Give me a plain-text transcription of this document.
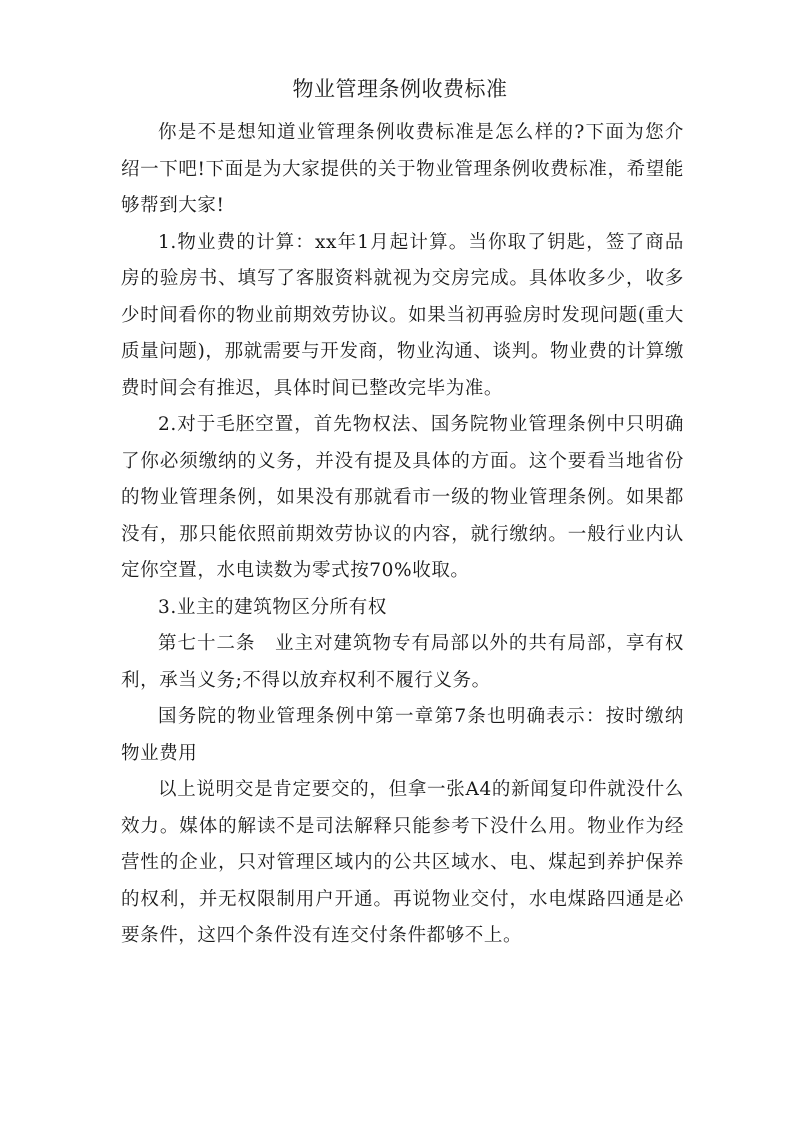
物业管理条例收费标准

你是不是想知道业管理条例收费标准是怎么样的?下面为您介绍一下吧!下面是为大家提供的关于物业管理条例收费标准，希望能够帮到大家!

1.物业费的计算：xx年1月起计算。当你取了钥匙，签了商品房的验房书、填写了客服资料就视为交房完成。具体收多少，收多少时间看你的物业前期效劳协议。如果当初再验房时发现问题(重大质量问题)，那就需要与开发商，物业沟通、谈判。物业费的计算缴费时间会有推迟，具体时间已整改完毕为准。

2.对于毛胚空置，首先物权法、国务院物业管理条例中只明确了你必须缴纳的义务，并没有提及具体的方面。这个要看当地省份的物业管理条例，如果没有那就看市一级的物业管理条例。如果都没有，那只能依照前期效劳协议的内容，就行缴纳。一般行业内认定你空置，水电读数为零式按70%收取。

3.业主的建筑物区分所有权

第七十二条　业主对建筑物专有局部以外的共有局部，享有权利，承当义务;不得以放弃权利不履行义务。

国务院的物业管理条例中第一章第7条也明确表示：按时缴纳物业费用

以上说明交是肯定要交的，但拿一张A4的新闻复印件就没什么效力。媒体的解读不是司法解释只能参考下没什么用。物业作为经营性的企业，只对管理区域内的公共区域水、电、煤起到养护保养的权利，并无权限制用户开通。再说物业交付，水电煤路四通是必要条件，这四个条件没有连交付条件都够不上。
